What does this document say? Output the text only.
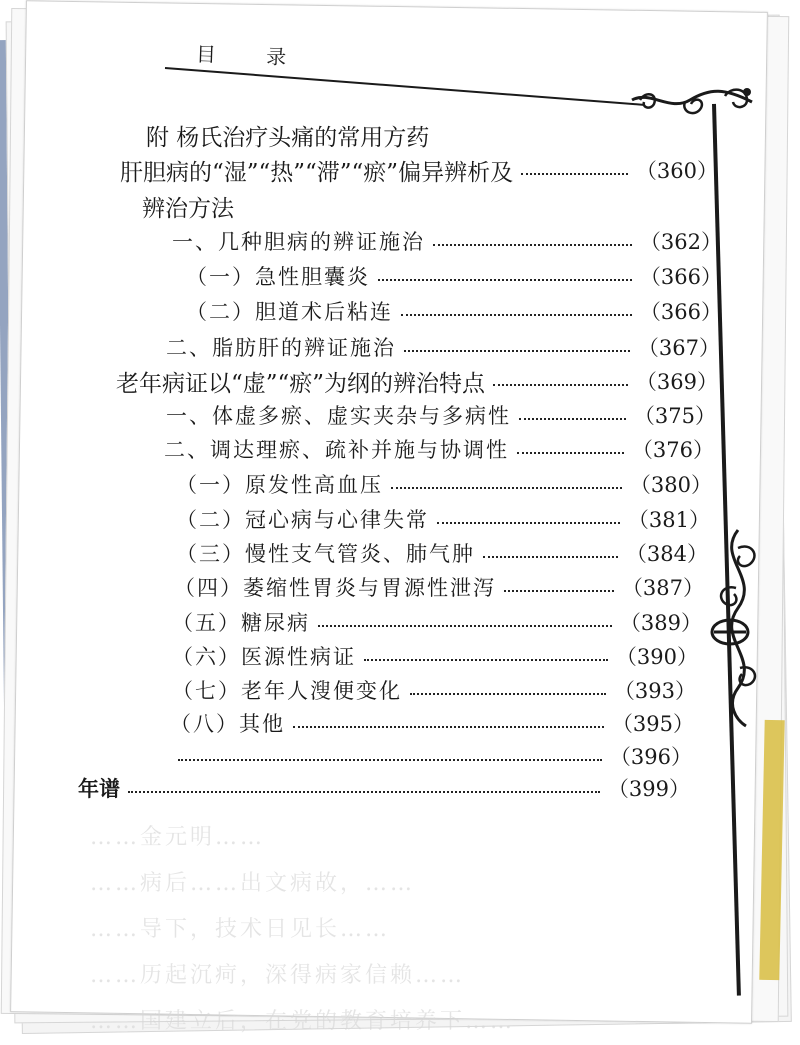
目 录
……金元明……
……病后……出文病故，……
……导下，技术日见长……
……历起沉疴，深得病家信赖……
……国建立后，在党的教育培养下……
附 杨氏治疗头痛的常用方药
肝胆病的“湿”“热”“滞”“瘀”偏异辨析及	（360）
辨治方法
一、几种胆病的辨证施治	（362）
（一）急性胆囊炎	（366）
（二）胆道术后粘连	（366）
二、脂肪肝的辨证施治	（367）
老年病证以“虚”“瘀”为纲的辨治特点	（369）
一、体虚多瘀、虚实夹杂与多病性	（375）
二、调达理瘀、疏补并施与协调性	（376）
（一）原发性高血压	（380）
（二）冠心病与心律失常	（381）
（三）慢性支气管炎、肺气肿	（384）
（四）萎缩性胃炎与胃源性泄泻	（387）
（五）糖尿病	（389）
（六）医源性病证	（390）
（七）老年人溲便变化	（393）
（八）其他	（395）
（396）
年谱	（399）
